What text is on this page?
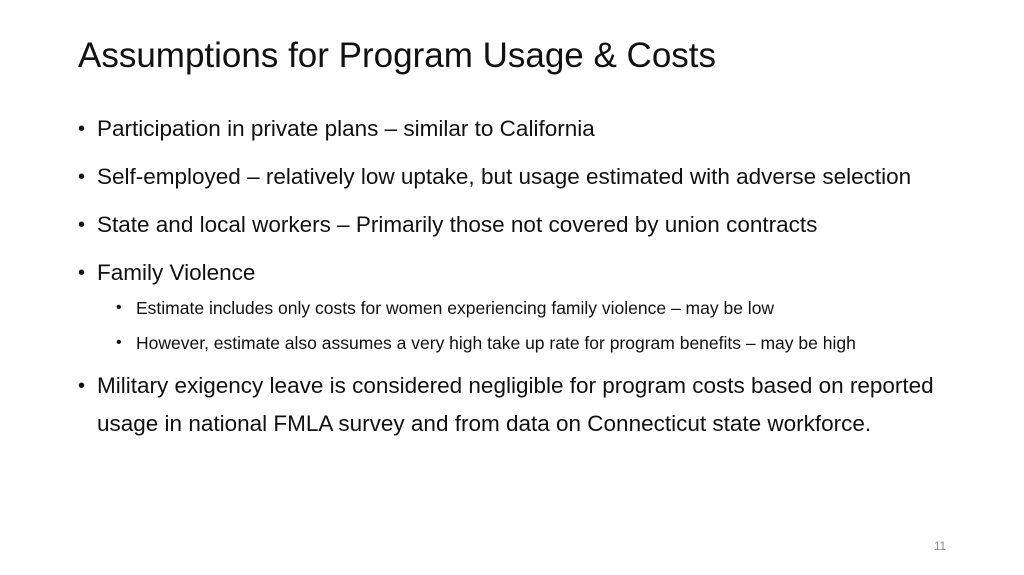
Assumptions for Program Usage & Costs
• Participation in private plans – similar to California
• Self-employed – relatively low uptake, but usage estimated with adverse selection
• State and local workers – Primarily those not covered by union contracts
• Family Violence
• Estimate includes only costs for women experiencing family violence – may be low
• However, estimate also assumes a very high take up rate for program benefits – may be high
• Military exigency leave is considered negligible for program costs based on reported usage in national FMLA survey and from data on Connecticut state workforce.
11
